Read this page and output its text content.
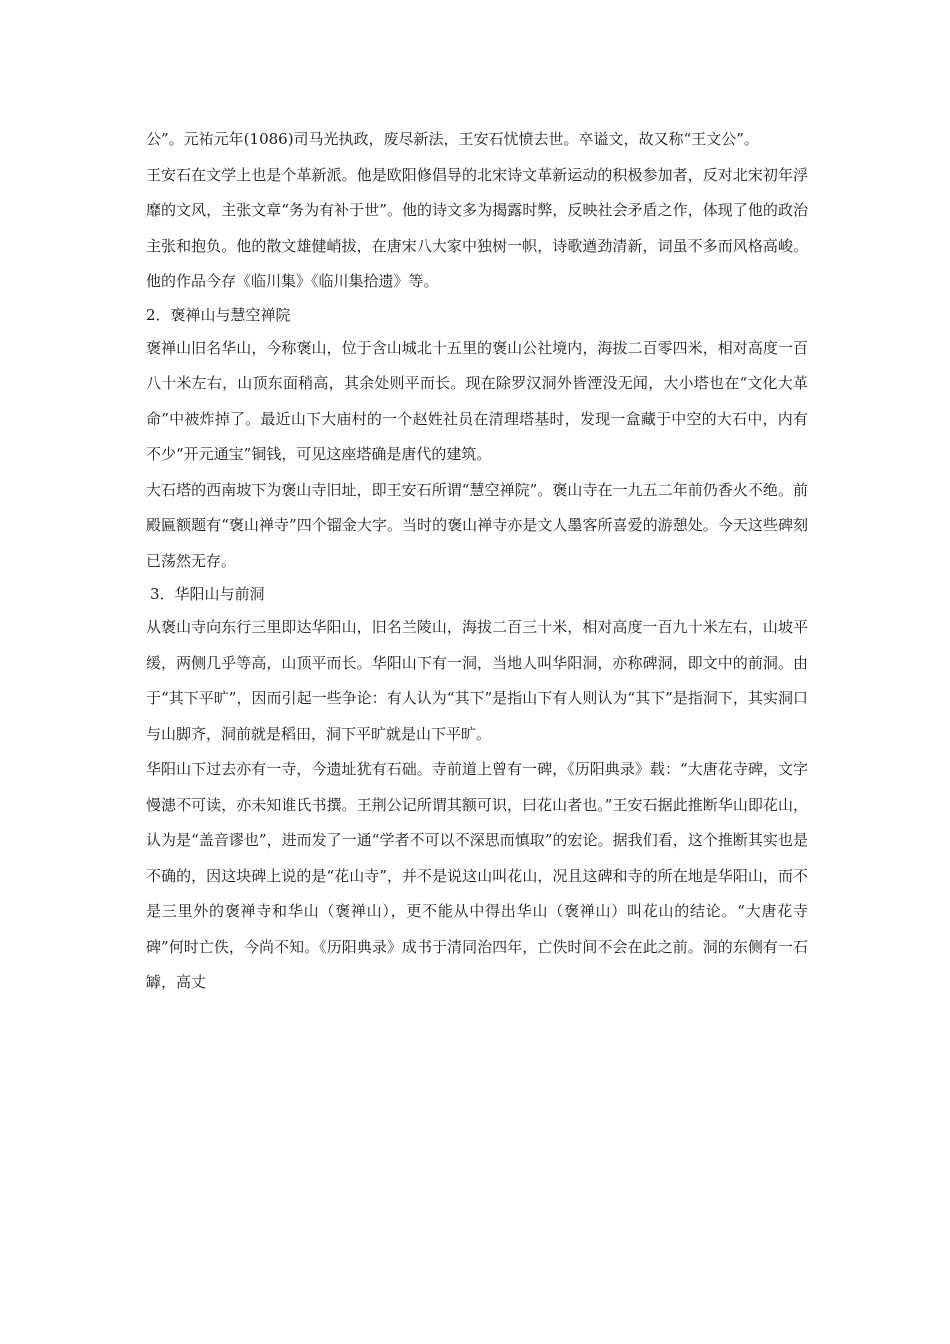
公”。元祐元年(1086)司马光执政，废尽新法，王安石忧愤去世。卒谥文，故又称“王文公”。

王安石在文学上也是个革新派。他是欧阳修倡导的北宋诗文革新运动的积极参加者，反对北宋初年浮靡的文风，主张文章“务为有补于世”。他的诗文多为揭露时弊，反映社会矛盾之作，体现了他的政治主张和抱负。他的散文雄健峭拔，在唐宋八大家中独树一帜，诗歌遒劲清新，词虽不多而风格高峻。他的作品今存《临川集》《临川集拾遗》等。

2．褒禅山与慧空禅院

褒禅山旧名华山，今称褒山，位于含山城北十五里的褒山公社境内，海拔二百零四米，相对高度一百八十米左右，山顶东面稍高，其余处则平而长。现在除罗汉洞外皆湮没无闻，大小塔也在“文化大革命”中被炸掉了。最近山下大庙村的一个赵姓社员在清理塔基时，发现一盒藏于中空的大石中，内有不少“开元通宝”铜钱，可见这座塔确是唐代的建筑。

大石塔的西南坡下为褒山寺旧址，即王安石所谓“慧空禅院”。褒山寺在一九五二年前仍香火不绝。前殿匾额题有“褒山禅寺”四个镏金大字。当时的褒山禅寺亦是文人墨客所喜爱的游憩处。今天这些碑刻已荡然无存。

3．华阳山与前洞

从褒山寺向东行三里即达华阳山，旧名兰陵山，海拔二百三十米，相对高度一百九十米左右，山坡平缓，两侧几乎等高，山顶平而长。华阳山下有一洞，当地人叫华阳洞，亦称碑洞，即文中的前洞。由于“其下平旷”，因而引起一些争论：有人认为“其下”是指山下有人则认为“其下”是指洞下，其实洞口与山脚齐，洞前就是稻田，洞下平旷就是山下平旷。

华阳山下过去亦有一寺，今遗址犹有石础。寺前道上曾有一碑，《历阳典录》载：“大唐花寺碑，文字慢漶不可读，亦未知谁氏书撰。王荆公记所谓其额可识，曰花山者也。”王安石据此推断华山即花山，认为是“盖音谬也”，进而发了一通“学者不可以不深思而慎取”的宏论。据我们看，这个推断其实也是不确的，因这块碑上说的是“花山寺”，并不是说这山叫花山，况且这碑和寺的所在地是华阳山，而不是三里外的褒禅寺和华山（褒禅山），更不能从中得出华山（褒禅山）叫花山的结论。“大唐花寺碑”何时亡佚，今尚不知。《历阳典录》成书于清同治四年，亡佚时间不会在此之前。洞的东侧有一石罅，高丈
